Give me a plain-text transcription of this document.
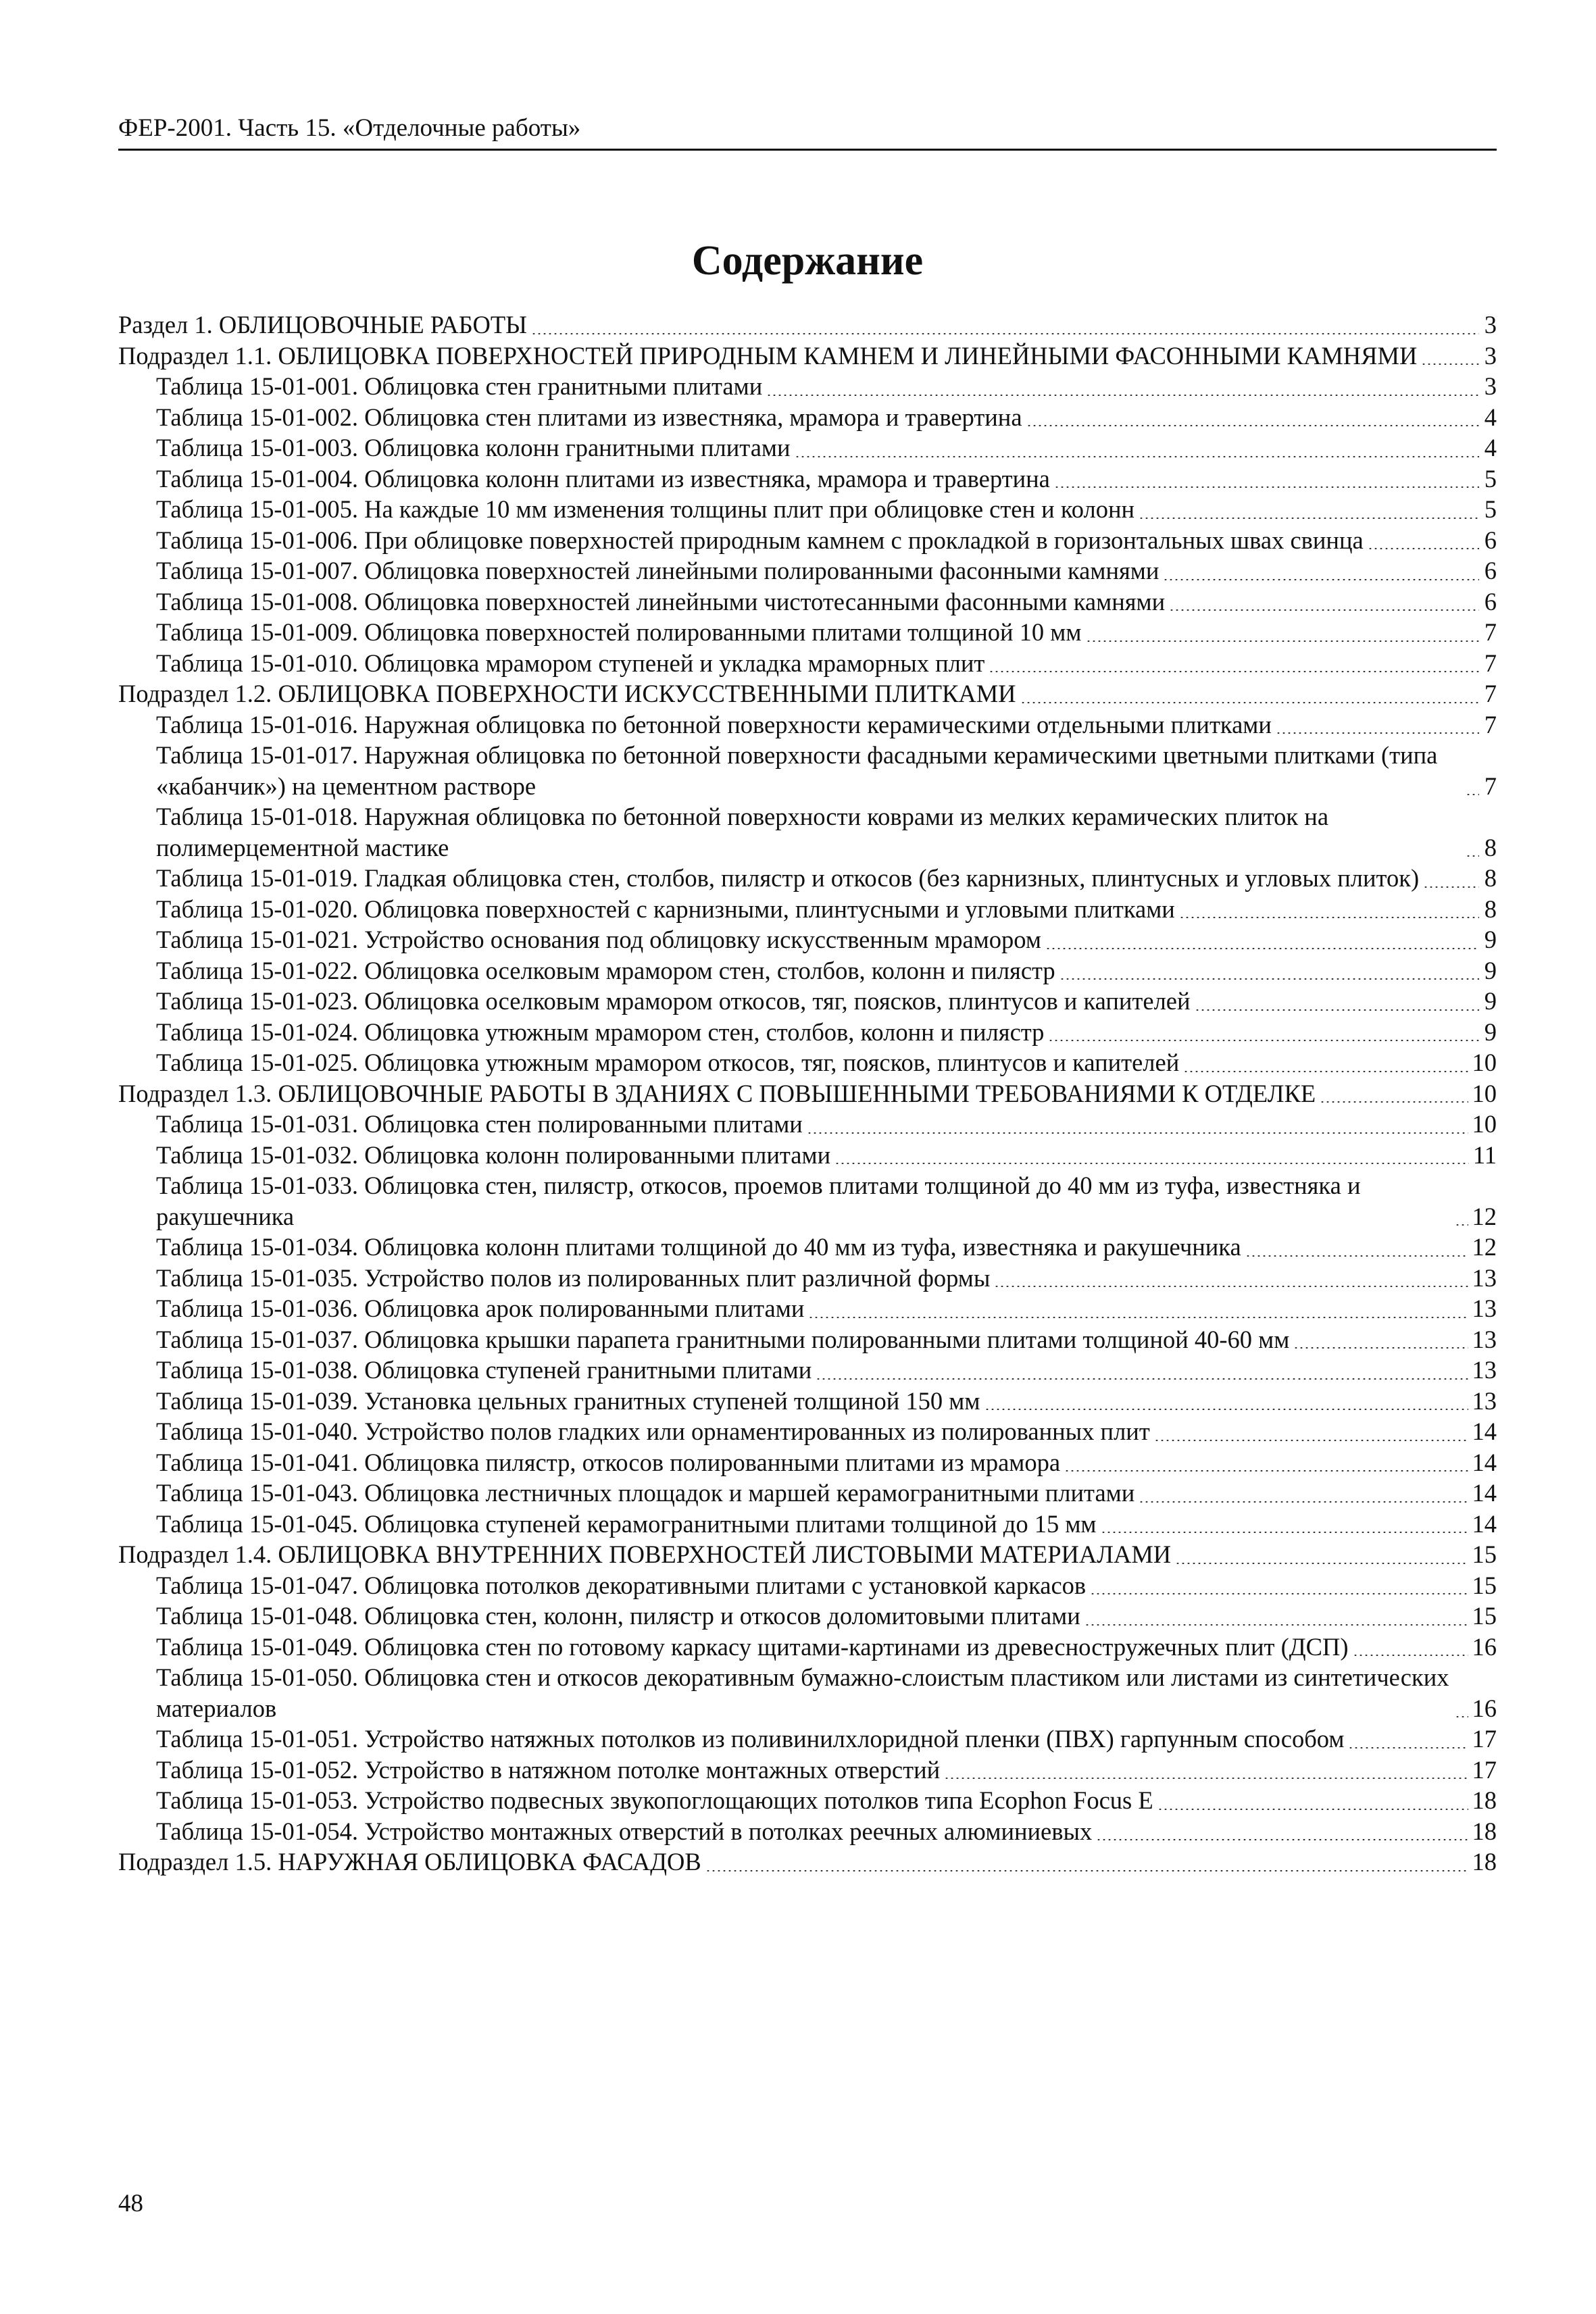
ФЕР-2001. Часть 15. «Отделочные работы»
Содержание
Раздел 1. ОБЛИЦОВОЧНЫЕ РАБОТЫ	3
Подраздел 1.1. ОБЛИЦОВКА ПОВЕРХНОСТЕЙ ПРИРОДНЫМ КАМНЕМ И ЛИНЕЙНЫМИ ФАСОННЫМИ КАМНЯМИ	3
Таблица 15-01-001. Облицовка стен гранитными плитами	3
Таблица 15-01-002. Облицовка стен плитами из известняка, мрамора и травертина	4
Таблица 15-01-003. Облицовка колонн гранитными плитами	4
Таблица 15-01-004. Облицовка колонн плитами из известняка, мрамора и травертина	5
Таблица 15-01-005. На каждые 10 мм изменения толщины плит при облицовке стен и колонн	5
Таблица 15-01-006. При облицовке поверхностей природным камнем с прокладкой в горизонтальных швах свинца	6
Таблица 15-01-007. Облицовка поверхностей линейными полированными фасонными камнями	6
Таблица 15-01-008. Облицовка поверхностей линейными чистотесанными фасонными камнями	6
Таблица 15-01-009. Облицовка поверхностей полированными плитами толщиной 10 мм	7
Таблица 15-01-010. Облицовка мрамором ступеней и укладка мраморных плит	7
Подраздел 1.2. ОБЛИЦОВКА ПОВЕРХНОСТИ ИСКУССТВЕННЫМИ ПЛИТКАМИ	7
Таблица 15-01-016. Наружная облицовка по бетонной поверхности керамическими отдельными плитками	7
Таблица 15-01-017. Наружная облицовка по бетонной поверхности фасадными керамическими цветными плитками (типа «кабанчик») на цементном растворе	7
Таблица 15-01-018. Наружная облицовка по бетонной поверхности коврами из мелких керамических плиток на полимерцементной мастике	8
Таблица 15-01-019. Гладкая облицовка стен, столбов, пилястр и откосов (без карнизных, плинтусных и угловых плиток)	8
Таблица 15-01-020. Облицовка поверхностей с карнизными, плинтусными и угловыми плитками	8
Таблица 15-01-021. Устройство основания под облицовку искусственным мрамором	9
Таблица 15-01-022. Облицовка оселковым мрамором стен, столбов, колонн и пилястр	9
Таблица 15-01-023. Облицовка оселковым мрамором откосов, тяг, поясков, плинтусов и капителей	9
Таблица 15-01-024. Облицовка утюжным мрамором стен, столбов, колонн и пилястр	9
Таблица 15-01-025. Облицовка утюжным мрамором откосов, тяг, поясков, плинтусов и капителей	10
Подраздел 1.3. ОБЛИЦОВОЧНЫЕ РАБОТЫ В ЗДАНИЯХ С ПОВЫШЕННЫМИ ТРЕБОВАНИЯМИ К ОТДЕЛКЕ	10
Таблица 15-01-031. Облицовка стен полированными плитами	10
Таблица 15-01-032. Облицовка колонн полированными плитами	11
Таблица 15-01-033. Облицовка стен, пилястр, откосов, проемов плитами толщиной до 40 мм из туфа, известняка и ракушечника	12
Таблица 15-01-034. Облицовка колонн плитами толщиной до 40 мм из туфа, известняка и ракушечника	12
Таблица 15-01-035. Устройство полов из полированных плит различной формы	13
Таблица 15-01-036. Облицовка арок полированными плитами	13
Таблица 15-01-037. Облицовка крышки парапета гранитными полированными плитами толщиной 40-60 мм	13
Таблица 15-01-038. Облицовка ступеней гранитными плитами	13
Таблица 15-01-039. Установка цельных гранитных ступеней толщиной 150 мм	13
Таблица 15-01-040. Устройство полов гладких или орнаментированных из полированных плит	14
Таблица 15-01-041. Облицовка пилястр, откосов полированными плитами из мрамора	14
Таблица 15-01-043. Облицовка лестничных площадок и маршей керамогранитными плитами	14
Таблица 15-01-045. Облицовка ступеней керамогранитными плитами толщиной до 15 мм	14
Подраздел 1.4. ОБЛИЦОВКА ВНУТРЕННИХ ПОВЕРХНОСТЕЙ ЛИСТОВЫМИ МАТЕРИАЛАМИ	15
Таблица 15-01-047. Облицовка потолков декоративными плитами с установкой каркасов	15
Таблица 15-01-048. Облицовка стен, колонн, пилястр и откосов доломитовыми плитами	15
Таблица 15-01-049. Облицовка стен по готовому каркасу щитами-картинами из древесностружечных плит (ДСП)	16
Таблица 15-01-050. Облицовка стен и откосов декоративным бумажно-слоистым пластиком или листами из синтетических материалов	16
Таблица 15-01-051. Устройство натяжных потолков из поливинилхлоридной пленки (ПВХ) гарпунным способом	17
Таблица 15-01-052. Устройство в натяжном потолке монтажных отверстий	17
Таблица 15-01-053. Устройство подвесных звукопоглощающих потолков типа Ecophon Focus E	18
Таблица 15-01-054. Устройство монтажных отверстий в потолках реечных алюминиевых	18
Подраздел 1.5. НАРУЖНАЯ ОБЛИЦОВКА ФАСАДОВ	18
48
